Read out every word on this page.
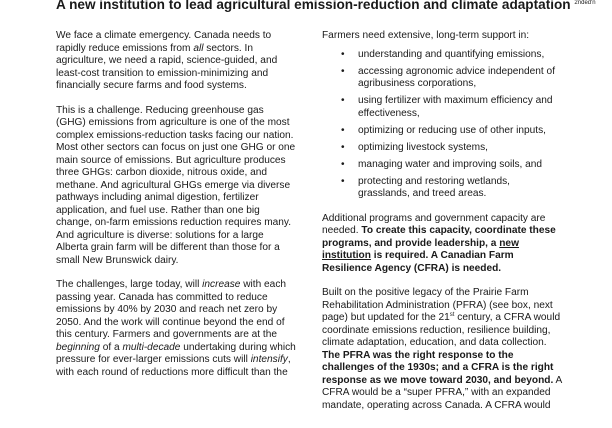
A new institution to lead agricultural emission-reduction and climate adaptation $^{2nded'n}$

We face a climate emergency. Canada needs to rapidly reduce emissions from all sectors. In agriculture, we need a rapid, science-guided, and least-cost transition to emission-minimizing and financially secure farms and food systems.

This is a challenge. Reducing greenhouse gas (GHG) emissions from agriculture is one of the most complex emissions-reduction tasks facing our nation. Most other sectors can focus on just one GHG or one main source of emissions. But agriculture produces three GHGs: carbon dioxide, nitrous oxide, and methane. And agricultural GHGs emerge via diverse pathways including animal digestion, fertilizer application, and fuel use. Rather than one big change, on-farm emissions reduction requires many. And agriculture is diverse: solutions for a large Alberta grain farm will be different than those for a small New Brunswick dairy.

The challenges, large today, will increase with each passing year. Canada has committed to reduce emissions by 40% by 2030 and reach net zero by 2050. And the work will continue beyond the end of this century. Farmers and governments are at the beginning of a multi-decade undertaking during which pressure for ever-larger emissions cuts will intensify, with each round of reductions more difficult than the

Farmers need extensive, long-term support in:

• understanding and quantifying emissions,
• accessing agronomic advice independent of agribusiness corporations,
• using fertilizer with maximum efficiency and effectiveness,
• optimizing or reducing use of other inputs,
• optimizing livestock systems,
• managing water and improving soils, and
• protecting and restoring wetlands, grasslands, and treed areas.

Additional programs and government capacity are needed. To create this capacity, coordinate these programs, and provide leadership, a new institution is required. A Canadian Farm Resilience Agency (CFRA) is needed.

Built on the positive legacy of the Prairie Farm Rehabilitation Administration (PFRA) (see box, next page) but updated for the 21st century, a CFRA would coordinate emissions reduction, resilience building, climate adaptation, education, and data collection. The PFRA was the right response to the challenges of the 1930s; and a CFRA is the right response as we move toward 2030, and beyond. A CFRA would be a “super PFRA,” with an expanded mandate, operating across Canada. A CFRA would
